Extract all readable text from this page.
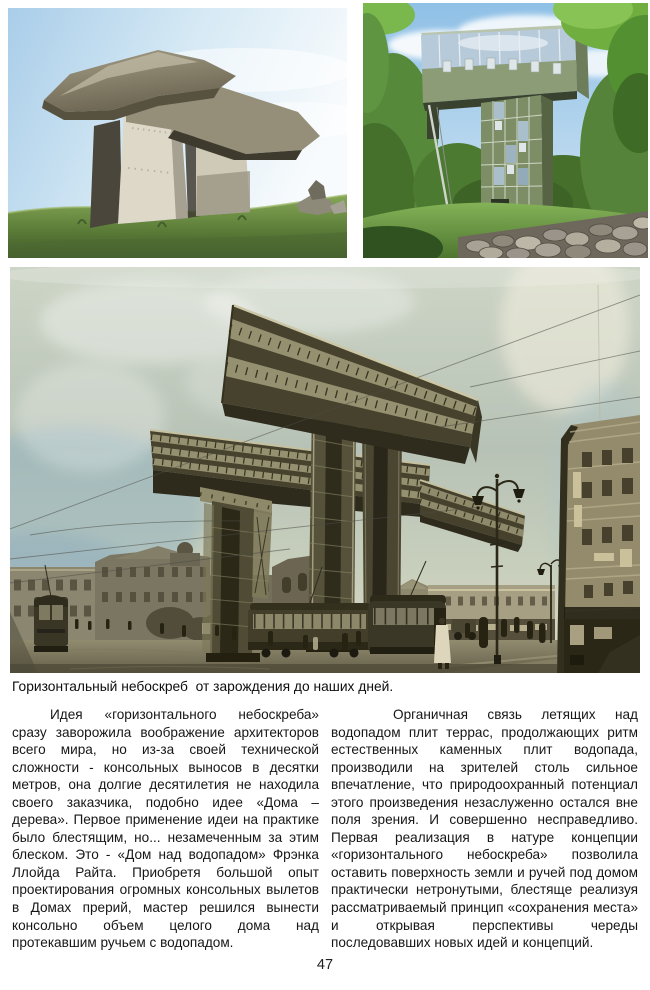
Горизонтальный небоскреб  от зарождения до наших дней.

Идея «горизонтального небоскреба» сразу заворожила воображение архитекторов всего мира, но из-за своей технической сложности - консольных выносов в десятки метров, она долгие десятилетия не находила своего заказчика, подобно идее «Дома – дерева». Первое применение идеи на практике было блестящим, но... незамеченным за этим блеском. Это - «Дом над водопадом» Фрэнка Ллойда Райта. Приобретя большой опыт проектирования огромных консольных вылетов в Домах прерий, мастер решился вынести консольно объем целого дома над протекавшим ручьем с водопадом.

Органичная связь летящих над водопадом плит террас, продолжающих ритм естественных каменных плит водопада, производили на зрителей столь сильное впечатление, что природоохранный потенциал этого произведения незаслуженно остался вне поля зрения. И совершенно несправедливо. Первая реализация в натуре концепции «горизонтального небоскреба» позволила оставить поверхность земли и ручей под домом практически нетронутыми, блестяще реализуя рассматриваемый принцип «сохранения места» и открывая перспективы череды последовавших новых идей и концепций.

47
